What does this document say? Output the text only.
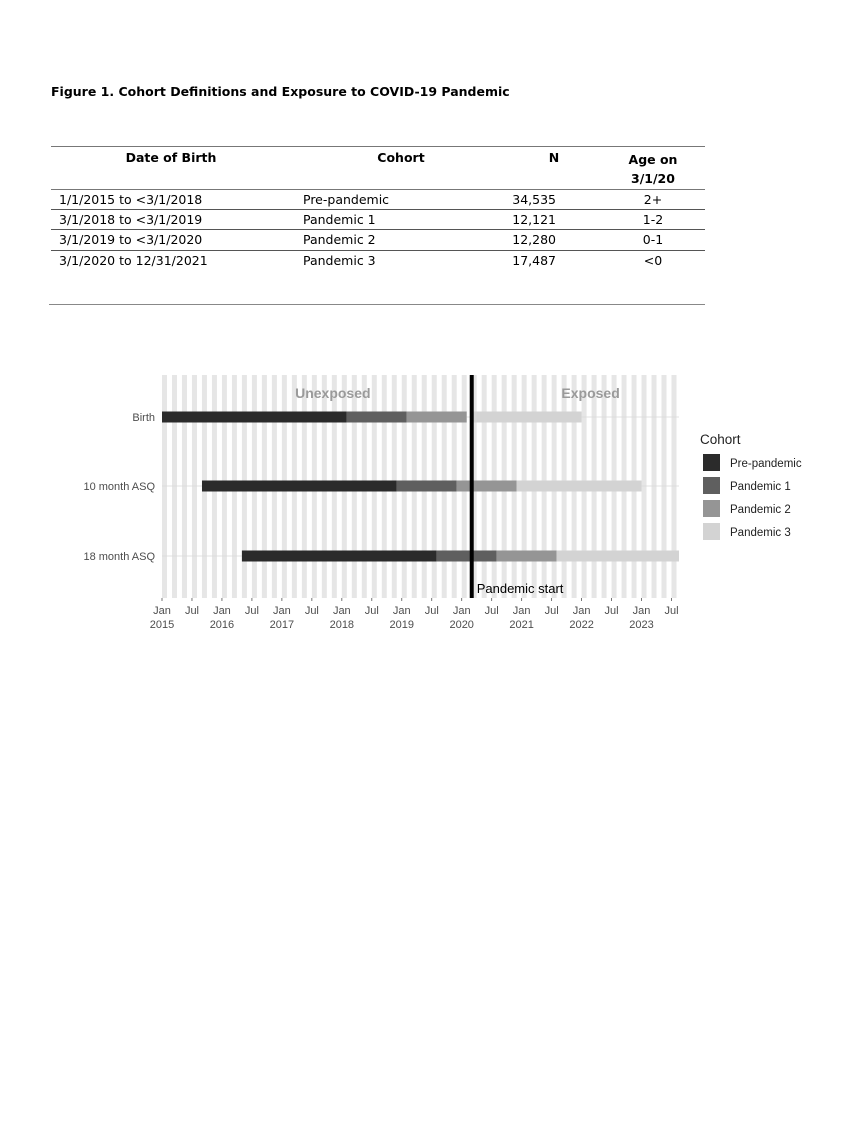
Figure 1. Cohort Definitions and Exposure to COVID-19 Pandemic
Date of Birth	Cohort	N	Age on
3/1/20
1/1/2015 to <3/1/2018	Pre-pandemic	34,535	2+
3/1/2018 to <3/1/2019	Pandemic 1	12,121	1-2
3/1/2019 to <3/1/2020	Pandemic 2	12,280	0-1
3/1/2020 to 12/31/2021	Pandemic 3	17,487	<0
Pandemic start
Unexposed	Exposed
Birth
10 month ASQ
18 month ASQ
Jan
2015
Jul Jan
2016
Jul Jan
2017
Jul Jan
2018
Jul Jan
2019
Jul Jan
2020
Jul Jan
2021
Jul Jan
2022
Jul Jan
2023
Jul
Cohort
Pre-pandemic
Pandemic 1
Pandemic 2
Pandemic 3
